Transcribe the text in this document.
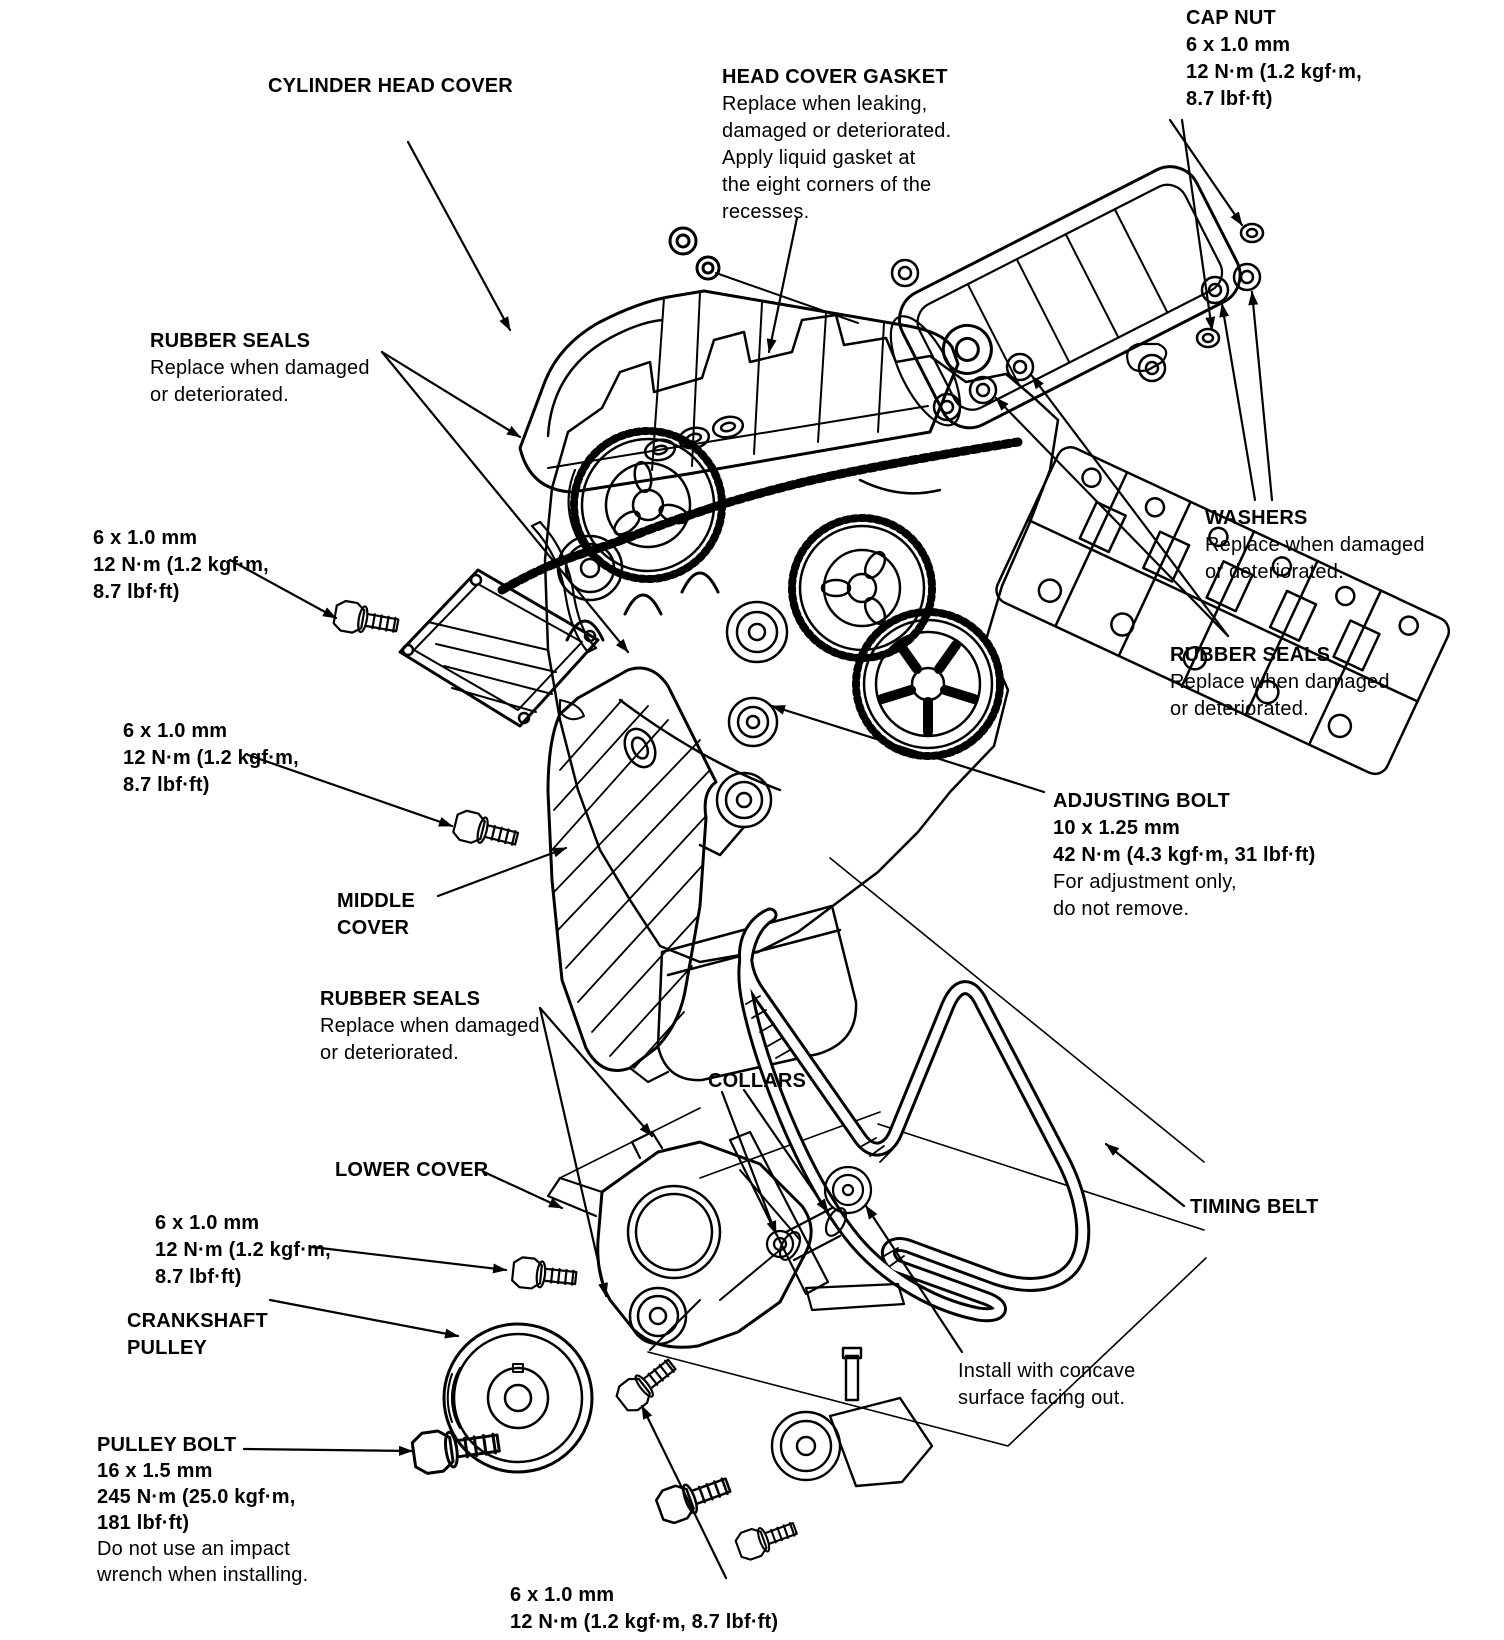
CAP NUT
6 x 1.0 mm
12 N·m (1.2 kgf·m,
8.7 lbf·ft)
CYLINDER HEAD COVER	HEAD COVER GASKET
Replace when leaking,
damaged or deteriorated.
Apply liquid gasket at
the eight corners of the
recesses.
RUBBER SEALS
Replace when damaged
or deteriorated.
6 x 1.0 mm
12 N·m (1.2 kgf·m,
8.7 lbf·ft)
6 x 1.0 mm
12 N·m (1.2 kgf·m,
8.7 lbf·ft)
WASHERS
Replace when damaged
or deteriorated.
RUBBER SEALS
Replace when damaged
or deteriorated.
ADJUSTING BOLT
10 x 1.25 mm
42 N·m (4.3 kgf·m, 31 lbf·ft)
For adjustment only,
do not remove.
MIDDLE
COVER
RUBBER SEALS
Replace when damaged
or deteriorated.
COLLARS
LOWER COVER
6 x 1.0 mm
12 N·m (1.2 kgf·m,
8.7 lbf·ft)
CRANKSHAFT
PULLEY
PULLEY BOLT
16 x 1.5 mm
245 N·m (25.0 kgf·m,
181 lbf·ft)
Do not use an impact
wrench when installing.
TIMING BELT
Install with concave
surface facing out.
6 x 1.0 mm
12 N·m (1.2 kgf·m, 8.7 lbf·ft)
